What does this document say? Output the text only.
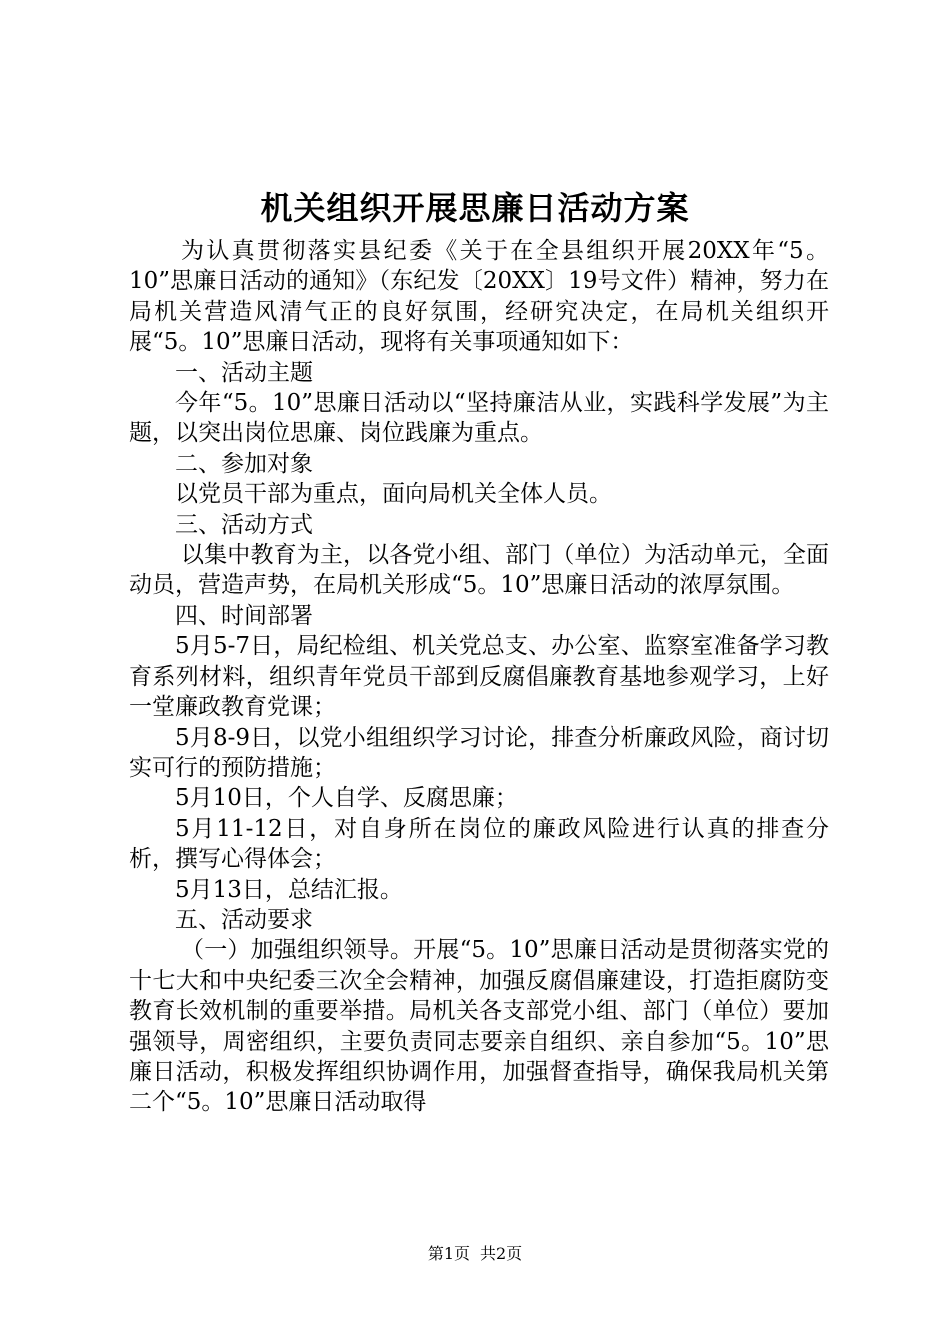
机关组织开展思廉日活动方案

为认真贯彻落实县纪委《关于在全县组织开展20XX年“5。10”思廉日活动的通知》（东纪发〔20XX〕19号文件）精神，努力在局机关营造风清气正的良好氛围，经研究决定，在局机关组织开展“5。10”思廉日活动，现将有关事项通知如下：

一、活动主题

今年“5。10”思廉日活动以“坚持廉洁从业，实践科学发展”为主题，以突出岗位思廉、岗位践廉为重点。

二、参加对象

以党员干部为重点，面向局机关全体人员。

三、活动方式

以集中教育为主，以各党小组、部门（单位）为活动单元，全面动员，营造声势，在局机关形成“5。10”思廉日活动的浓厚氛围。

四、时间部署

5月5-7日，局纪检组、机关党总支、办公室、监察室准备学习教育系列材料，组织青年党员干部到反腐倡廉教育基地参观学习，上好一堂廉政教育党课；

5月8-9日，以党小组组织学习讨论，排查分析廉政风险，商讨切实可行的预防措施；

5月10日，个人自学、反腐思廉；

5月11-12日，对自身所在岗位的廉政风险进行认真的排查分析，撰写心得体会；

5月13日，总结汇报。

五、活动要求

（一）加强组织领导。开展“5。10”思廉日活动是贯彻落实党的十七大和中央纪委三次全会精神，加强反腐倡廉建设，打造拒腐防变教育长效机制的重要举措。局机关各支部党小组、部门（单位）要加强领导，周密组织，主要负责同志要亲自组织、亲自参加“5。10”思廉日活动，积极发挥组织协调作用，加强督查指导，确保我局机关第二个“5。10”思廉日活动取得

第1页 共2页
